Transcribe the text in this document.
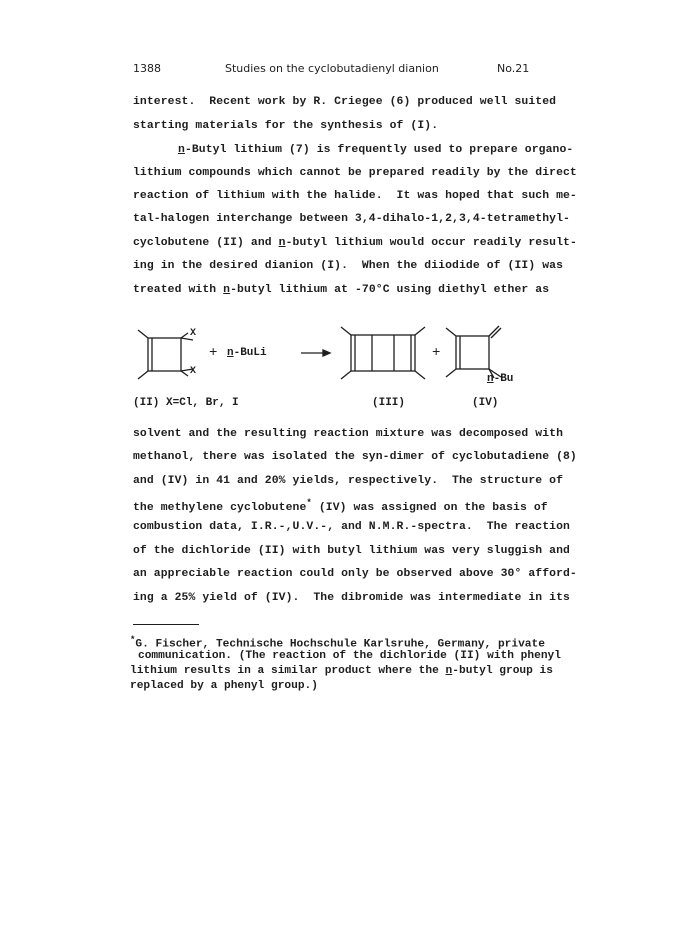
1388	Studies on the cyclobutadienyl dianion	No.21
interest.  Recent work by R. Criegee (6) produced well suited
starting materials for the synthesis of (I).
n-Butyl lithium (7) is frequently used to prepare organo-
lithium compounds which cannot be prepared readily by the direct
reaction of lithium with the halide.  It was hoped that such me-
tal-halogen interchange between 3,4-dihalo-1,2,3,4-tetramethyl-
cyclobutene (II) and n-butyl lithium would occur readily result-
ing in the desired dianion (I).  When the diiodide of (II) was
treated with n-butyl lithium at -70°C using diethyl ether as
X
X
+ n-BuLi	+
n-Bu
(II) X=Cl, Br, I	(III)	(IV)
solvent and the resulting reaction mixture was decomposed with
methanol, there was isolated the syn-dimer of cyclobutadiene (8)
and (IV) in 41 and 20% yields, respectively.  The structure of
the methylene cyclobutene* (IV) was assigned on the basis of
combustion data, I.R.-,U.V.-, and N.M.R.-spectra.  The reaction
of the dichloride (II) with butyl lithium was very sluggish and
an appreciable reaction could only be observed above 30° afford-
ing a 25% yield of (IV).  The dibromide was intermediate in its
*G. Fischer, Technische Hochschule Karlsruhe, Germany, private
communication. (The reaction of the dichloride (II) with phenyl
lithium results in a similar product where the n-butyl group is
replaced by a phenyl group.)
